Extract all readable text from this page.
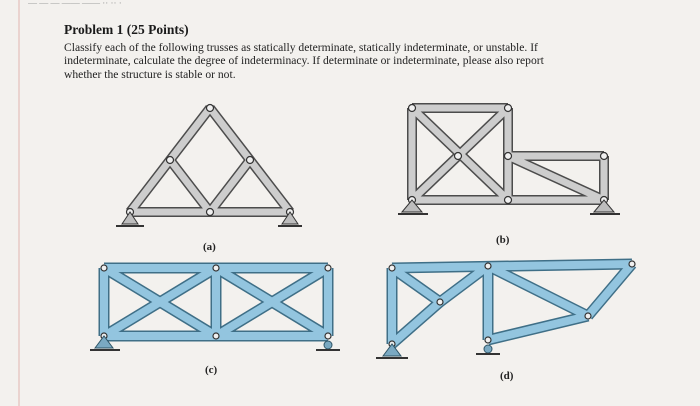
— — — —— —— ·· ·· ·
Problem 1 (25 Points)
Classify each of the following trusses as statically determinate, statically indeterminate, or unstable. If
indeterminate, calculate the degree of indeterminacy. If determinate or indeterminate, please also report
whether the structure is stable or not.
(a)
(b)
(c)	(d)
